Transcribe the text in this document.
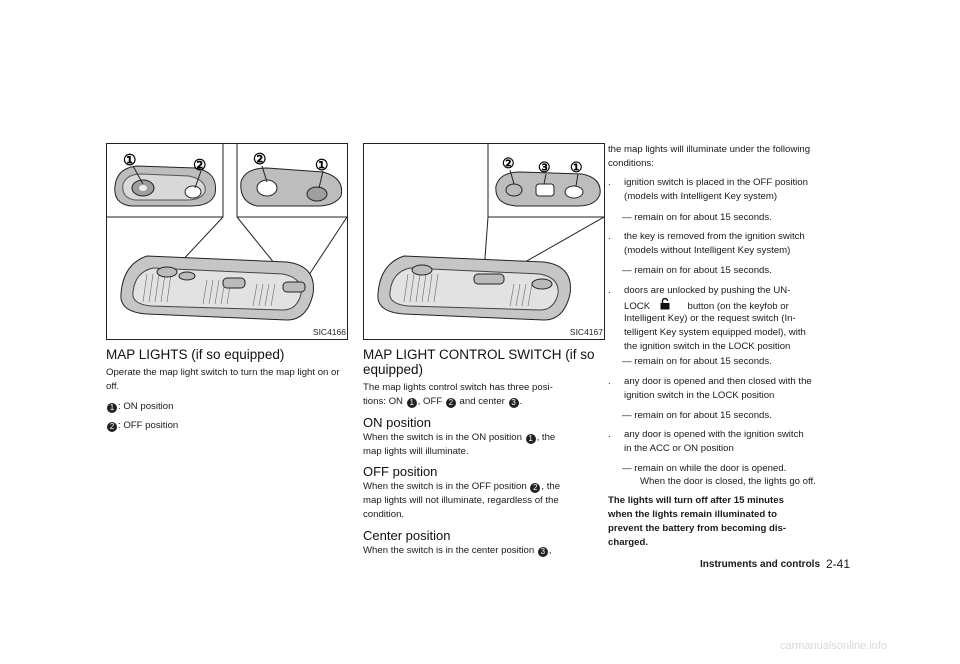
①	②	②	①
SIC4166
MAP LIGHTS (if so equipped)
Operate the map light switch to turn the map light on or off.
1 : ON position
2 : OFF position
② ③ ①
SIC4167
MAP LIGHT CONTROL SWITCH (if so
equipped)
The map lights control switch has three posi-
tions: ON 1 , OFF 2 and center 3 .
ON position
When the switch is in the ON position 1 , the
map lights will illuminate.
OFF position
When the switch is in the OFF position 2 , the
map lights will not illuminate, regardless of the
condition.
Center position
When the switch is in the center position 3 ,
the map lights will illuminate under the following
conditions:
. ignition switch is placed in the OFF position
(models with Intelligent Key system)
— remain on for about 15 seconds.
. the key is removed from the ignition switch
(models without Intelligent Key system)
— remain on for about 15 seconds.
. doors are unlocked by pushing the UN-
LOCK	button (on the keyfob or
Intelligent Key) or the request switch (In-
telligent Key system equipped model), with
the ignition switch in the LOCK position
— remain on for about 15 seconds.
. any door is opened and then closed with the
ignition switch in the LOCK position
— remain on for about 15 seconds.
. any door is opened with the ignition switch
in the ACC or ON position
— remain on while the door is opened.
When the door is closed, the lights go off.
The lights will turn off after 15 minutes
when the lights remain illuminated to
prevent the battery from becoming dis-
charged.
Instruments and controls 2-41
carmanualsonline.info
